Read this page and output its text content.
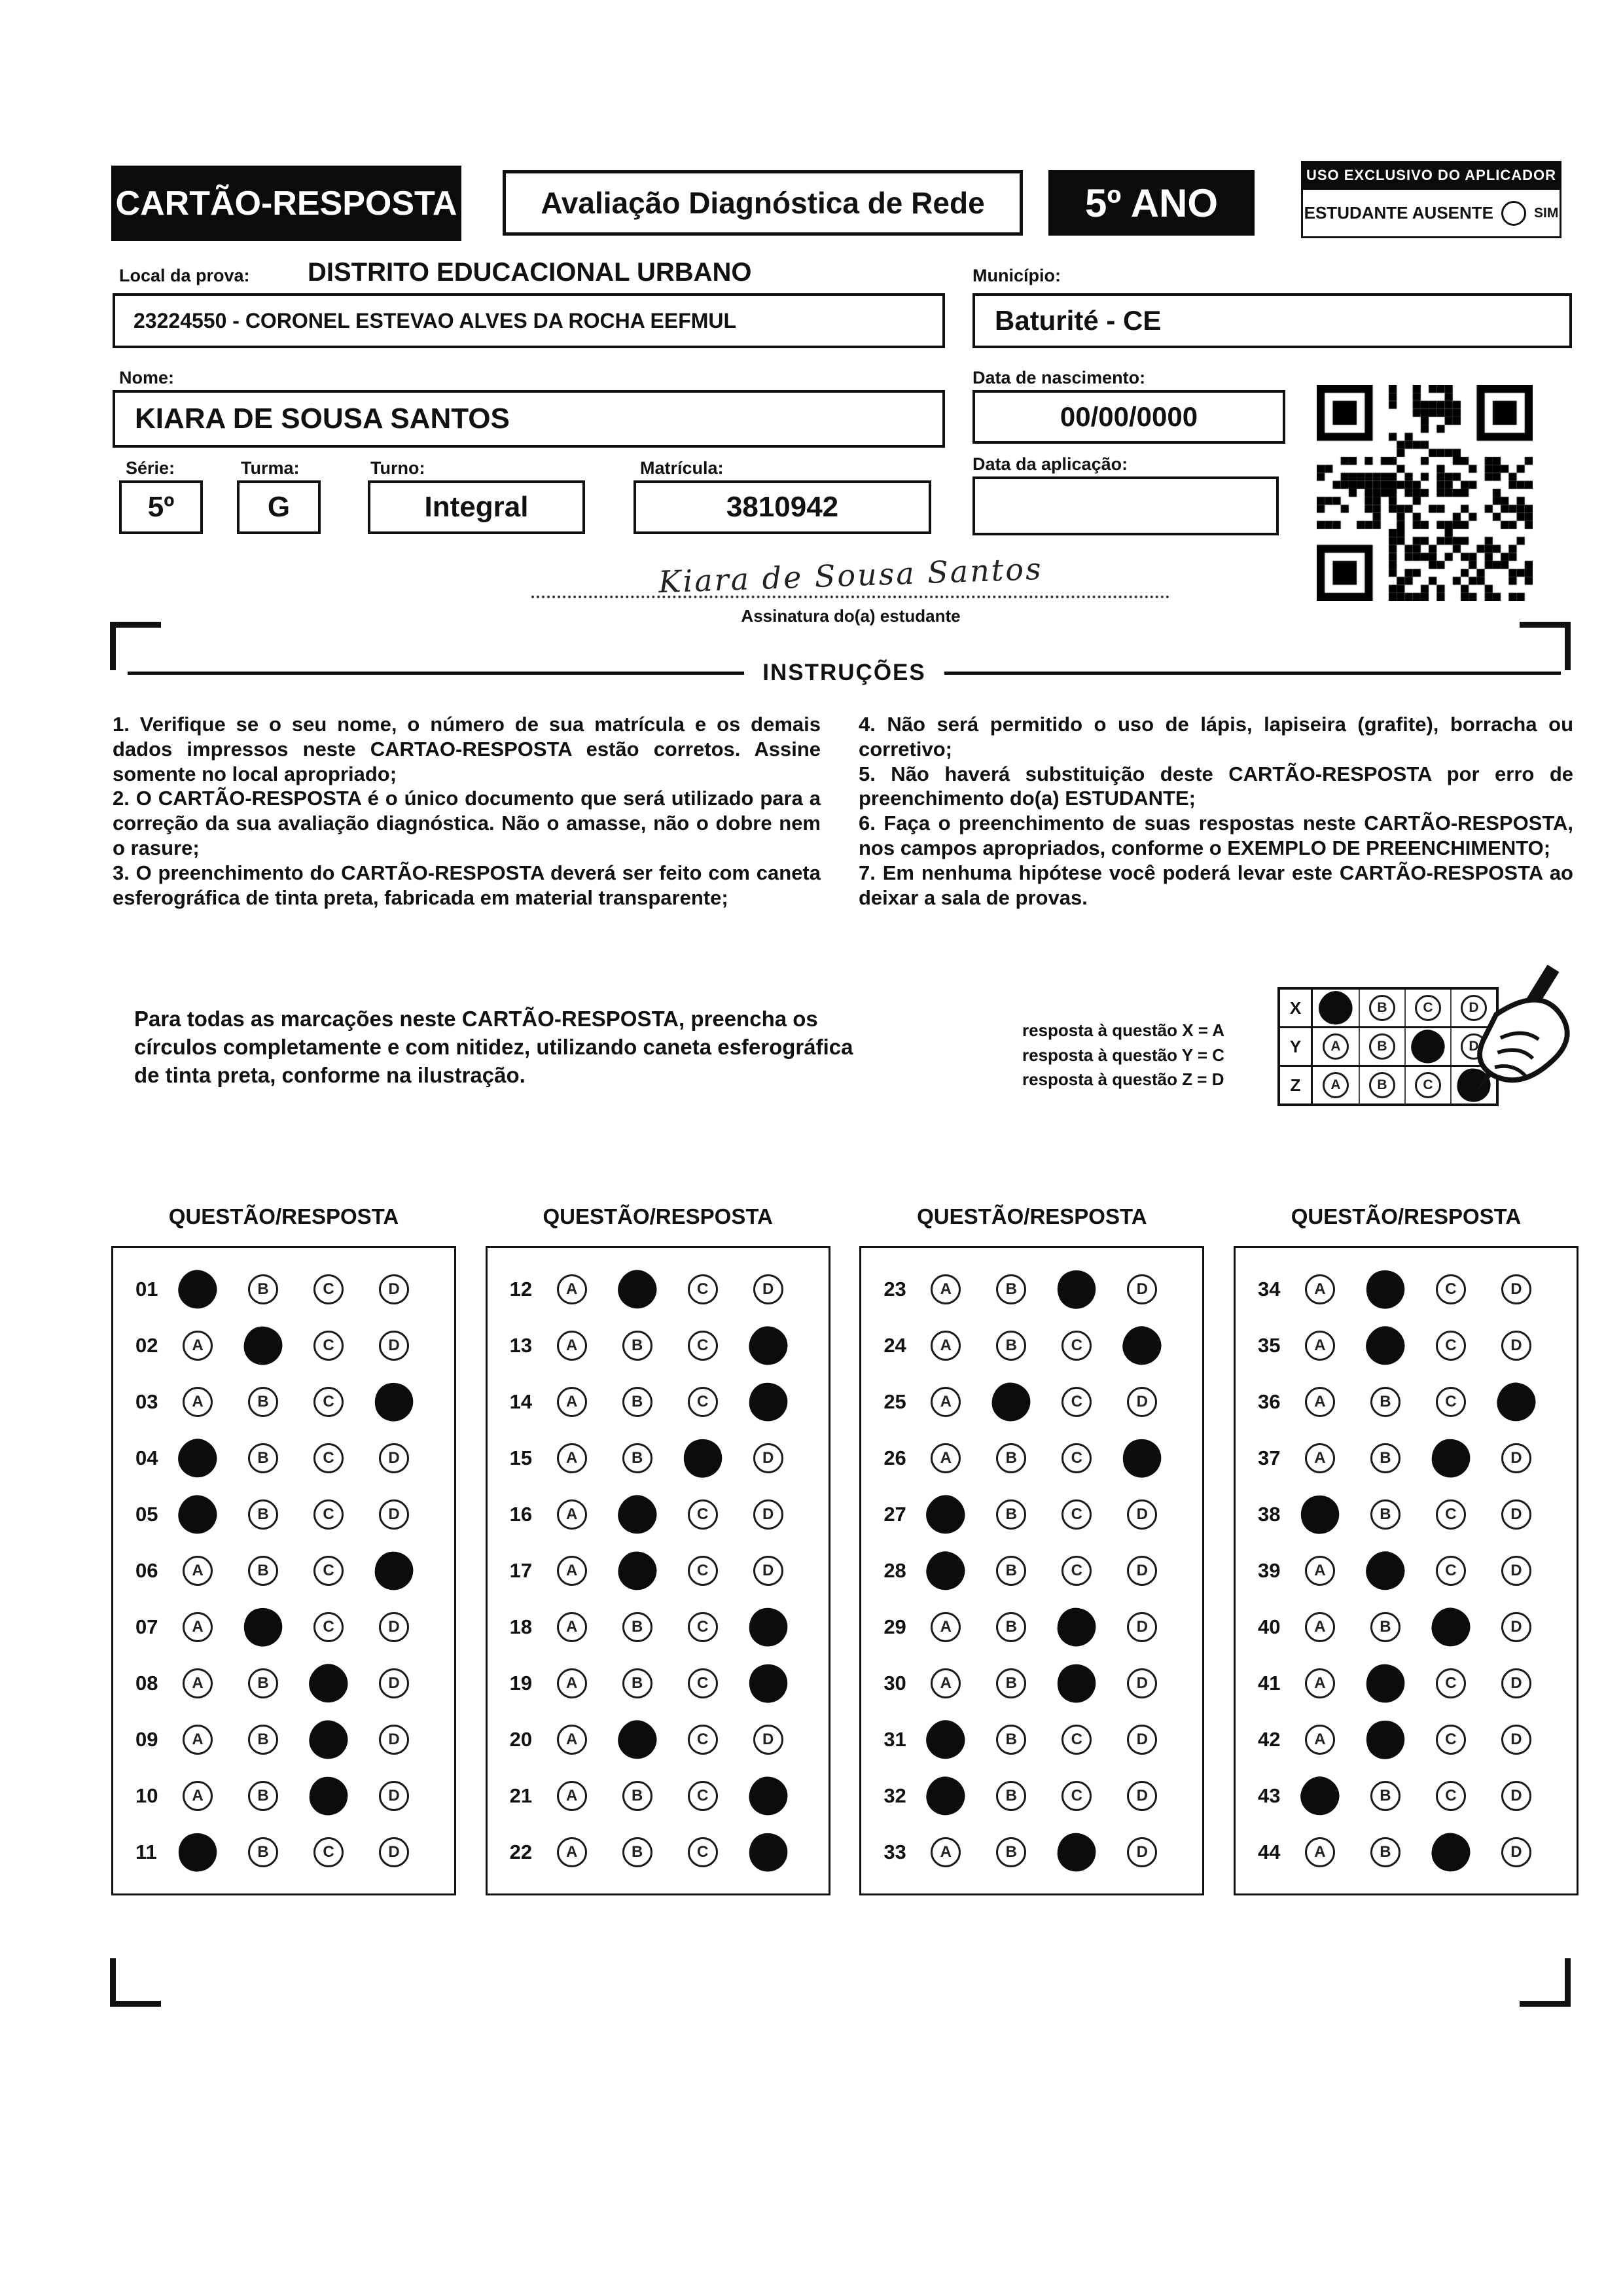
CARTÃO-RESPOSTA	Avaliação Diagnóstica de Rede	5º ANO
USO EXCLUSIVO DO APLICADOR
ESTUDANTE AUSENTE	SIM
Local da prova: DISTRITO EDUCACIONAL URBANO
23224550 - CORONEL ESTEVAO ALVES DA ROCHA EEFMUL
Município:
Baturité - CE
Nome:
KIARA DE SOUSA SANTOS
Data de nascimento:
00/00/0000
Série:	Turma:	Turno:	Matrícula:	Data da aplicação:
5º	G	Integral	3810942
Kiara de Sousa Santos
Assinatura do(a) estudante
INSTRUÇÕES

1. Verifique se o seu nome, o número de sua matrícula e os demais dados impressos neste CARTAO-RESPOSTA estão corretos. Assine somente no local apropriado;

2. O CARTÃO-RESPOSTA é o único documento que será utilizado para a correção da sua avaliação diagnóstica. Não o amasse, não o dobre nem o rasure;

3. O preenchimento do CARTÃO-RESPOSTA deverá ser feito com caneta esferográfica de tinta preta, fabricada em material transparente;

4. Não será permitido o uso de lápis, lapiseira (grafite), borracha ou corretivo;

5. Não haverá substituição deste CARTÃO-RESPOSTA por erro de preenchimento do(a) ESTUDANTE;

6. Faça o preenchimento de suas respostas neste CARTÃO-RESPOSTA, nos campos apropriados, conforme o EXEMPLO DE PREENCHIMENTO;

7. Em nenhuma hipótese você poderá levar este CARTÃO-RESPOSTA ao deixar a sala de provas.

Para todas as marcações neste CARTÃO-RESPOSTA, preencha os círculos completamente e com nitidez, utilizando caneta esferográfica de tinta preta, conforme na ilustração.
resposta à questão X = A
resposta à questão Y = C
resposta à questão Z = D
X	B	C	D
Y	A	B	D
Z	A	B	C
QUESTÃO/RESPOSTA
01	B	C	D
02	A	C	D
03	A	B	C
04	B	C	D
05	B	C	D
06	A	B	C
07	A	C	D
08	A	B	D
09	A	B	D
10	A	B	D
11	B	C	D
QUESTÃO/RESPOSTA
12	A	C	D
13	A	B	C
14	A	B	C
15	A	B	D
16	A	C	D
17	A	C	D
18	A	B	C
19	A	B	C
20	A	C	D
21	A	B	C
22	A	B	C
QUESTÃO/RESPOSTA
23	A	B	D
24	A	B	C
25	A	C	D
26	A	B	C
27	B	C	D
28	B	C	D
29	A	B	D
30	A	B	D
31	B	C	D
32	B	C	D
33	A	B	D
QUESTÃO/RESPOSTA
34	A	C	D
35	A	C	D
36	A	B	C
37	A	B	D
38	B	C	D
39	A	C	D
40	A	B	D
41	A	C	D
42	A	C	D
43	B	C	D
44	A	B	D
